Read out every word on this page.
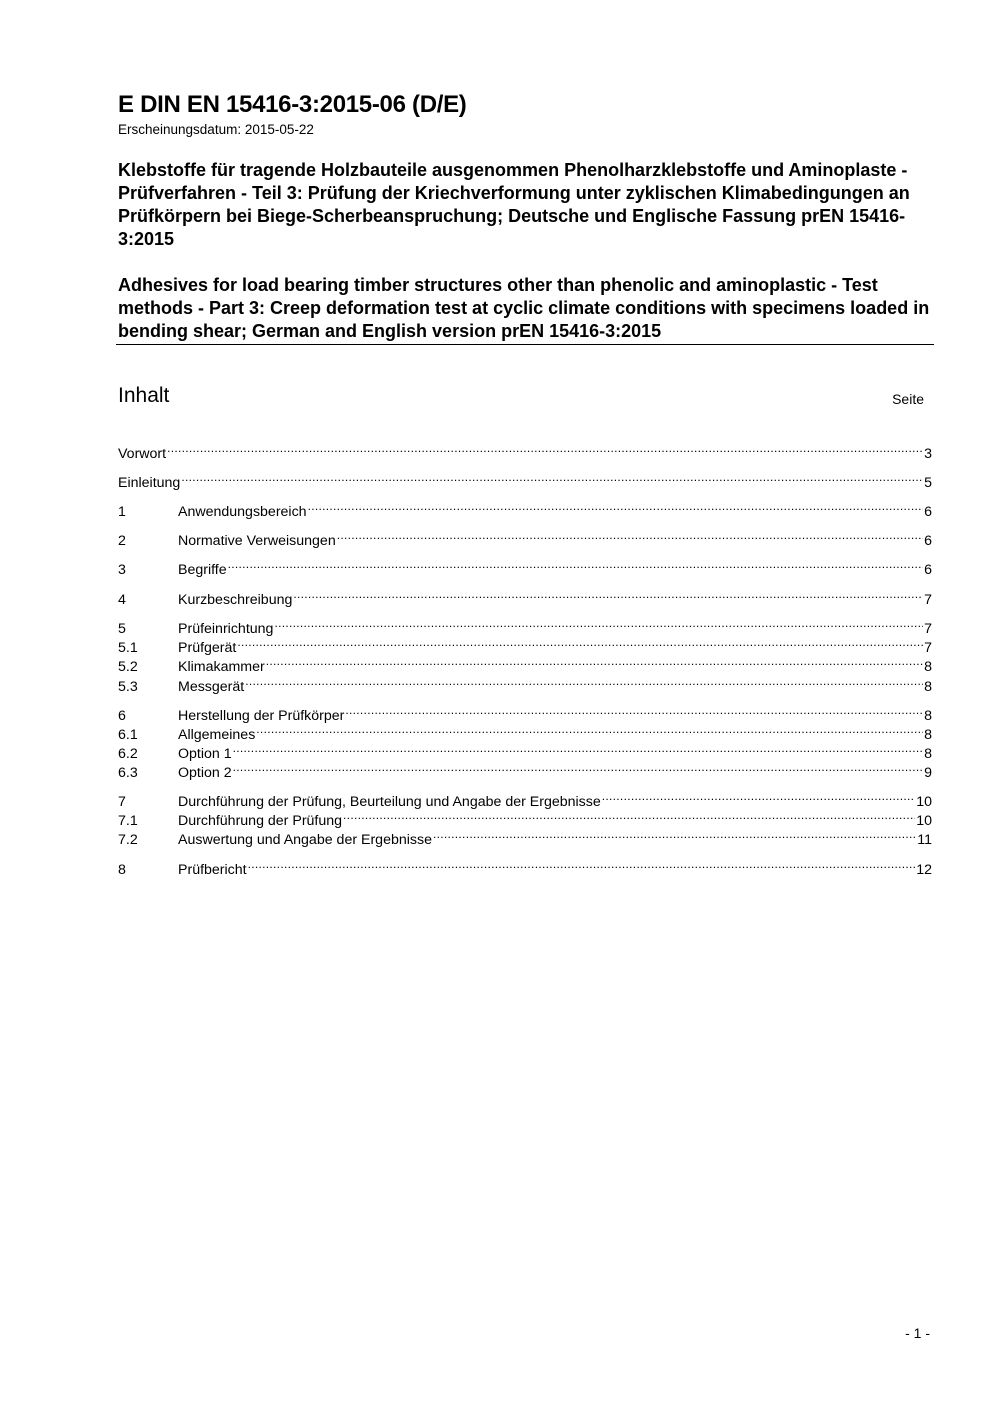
E DIN EN 15416-3:2015-06 (D/E)
Erscheinungsdatum: 2015-05-22
Klebstoffe für tragende Holzbauteile ausgenommen Phenolharzklebstoffe und Aminoplaste - Prüfverfahren - Teil 3: Prüfung der Kriechverformung unter zyklischen Klimabedingungen an Prüfkörpern bei Biege-Scherbeanspruchung; Deutsche und Englische Fassung prEN 15416-3:2015
Adhesives for load bearing timber structures other than phenolic and aminoplastic - Test methods - Part 3: Creep deformation test at cyclic climate conditions with specimens loaded in bending shear; German and English version prEN 15416-3:2015
Inhalt	Seite
Vorwort .....	3
Einleitung .....	5
1	Anwendungsbereich .....	6
2	Normative Verweisungen .....	6
3	Begriffe .....	6
4	Kurzbeschreibung .....	7
5	Prüfeinrichtung .....	7
5.1	Prüfgerät .....	7
5.2	Klimakammer .....	8
5.3	Messgerät .....	8
6	Herstellung der Prüfkörper .....	8
6.1	Allgemeines .....	8
6.2	Option 1 .....	8
6.3	Option 2 .....	9
7	Durchführung der Prüfung, Beurteilung und Angabe der Ergebnisse .....	10
7.1	Durchführung der Prüfung .....	10
7.2	Auswertung und Angabe der Ergebnisse .....	11
8	Prüfbericht .....	12
- 1 -
